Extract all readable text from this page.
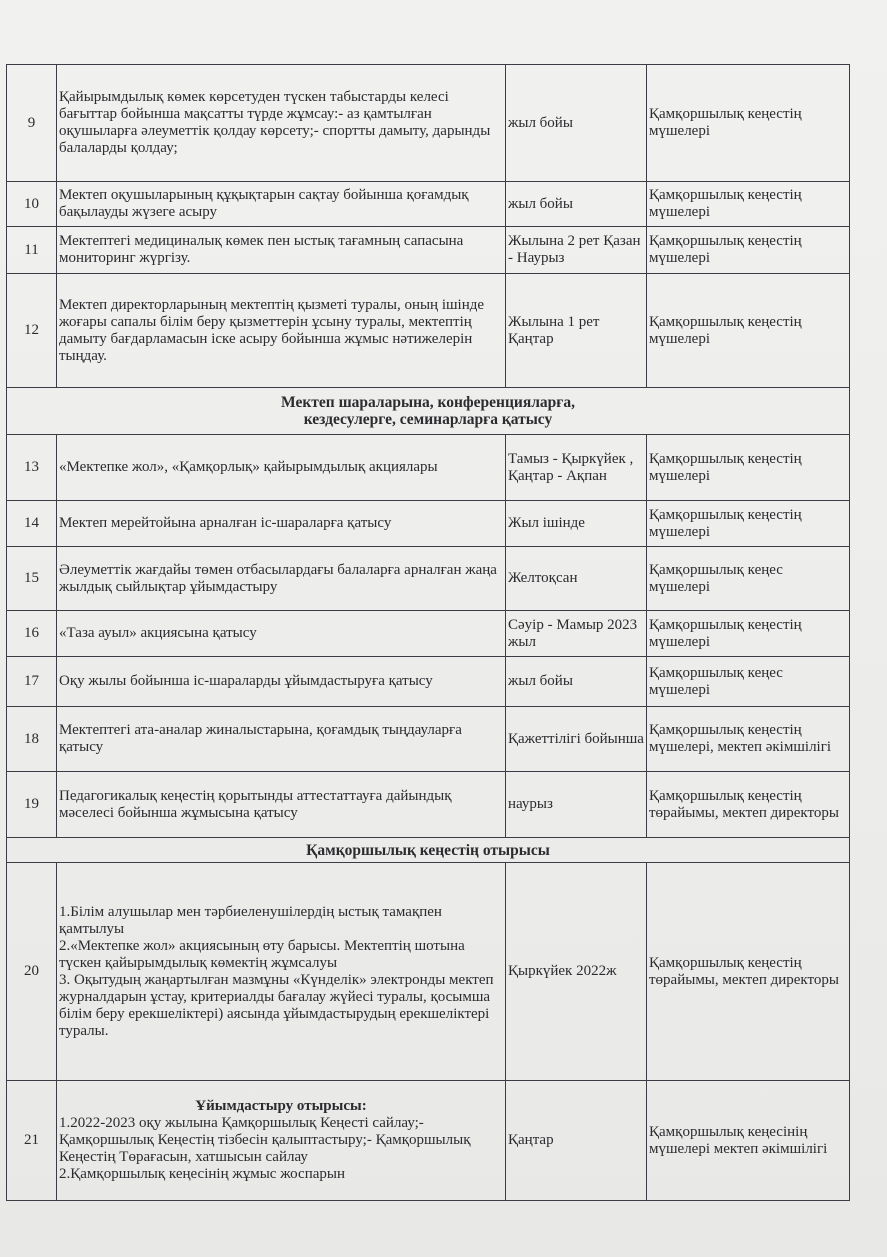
9	Қайырымдылық көмек көрсетуден түскен табыстарды келесі бағыттар бойынша мақсатты түрде жұмсау:- аз қамтылған оқушыларға әлеуметтік қолдау көрсету;- спортты дамыту, дарынды балаларды қолдау;	жыл бойы	Қамқоршылық кеңестің мүшелері
10	Мектеп оқушыларының құқықтарын сақтау бойынша қоғамдық бақылауды жүзеге асыру	жыл бойы	Қамқоршылық кеңестің мүшелері
11	Мектептегі медициналық көмек пен ыстық тағамның сапасына мониторинг жүргізу.	Жылына 2 рет Қазан - Наурыз	Қамқоршылық кеңестің мүшелері
12	Мектеп директорларының мектептің қызметі туралы, оның ішінде жоғары сапалы білім беру қызметтерін ұсыну туралы, мектептің дамыту бағдарламасын іске асыру бойынша жұмыс нәтижелерін тыңдау.	Жылына 1 рет Қаңтар	Қамқоршылық кеңестің мүшелері

Мектеп шараларына, конференцияларға,
кездесулерге, семинарларға қатысу			

13	«Мектепке жол», «Қамқорлық» қайырымдылық акциялары	Тамыз - Қыркүйек , Қаңтар - Ақпан	Қамқоршылық кеңестің мүшелері
14	Мектеп мерейтойына арналған іс-шараларға қатысу	Жыл ішінде	Қамқоршылық кеңестің мүшелері
15	Әлеуметтік жағдайы төмен отбасылардағы балаларға арналған жаңа жылдық сыйлықтар ұйымдастыру	Желтоқсан	Қамқоршылық кеңес мүшелері
16	«Таза ауыл» акциясына қатысу	Сәуір - Мамыр 2023 жыл	Қамқоршылық кеңестің мүшелері
17	Оқу жылы бойынша іс-шараларды ұйымдастыруға қатысу	жыл бойы	Қамқоршылық кеңес мүшелері
18	Мектептегі ата-аналар жиналыстарына, қоғамдық тыңдауларға қатысу	Қажеттілігі бойынша	Қамқоршылық кеңестің мүшелері, мектеп әкімшілігі
19	Педагогикалық кеңестің қорытынды аттестаттауға дайындық мәселесі бойынша жұмысына қатысу	наурыз	Қамқоршылық кеңестің төрайымы, мектеп директоры
Қамқоршылық кеңестің отырысы			
20	1.Білім алушылар мен тәрбиеленушілердің ыстық тамақпен қамтылуы
2.«Мектепке жол» акциясының өту барысы. Мектептің шотына түскен қайырымдылық көмектің жұмсалуы
3. Оқытудың жаңартылған мазмұны «Күнделік» электронды мектеп журналдарын ұстау, критериалды бағалау жүйесі туралы, қосымша білім беру ерекшеліктері) аясында ұйымдастырудың ерекшеліктері туралы.	Қыркүйек 2022ж	Қамқоршылық кеңестің төрайымы, мектеп директоры
21	Ұйымдастыру отырысы:
1.2022-2023 оқу жылына Қамқоршылық Кеңесті сайлау;- Қамқоршылық Кеңестің тізбесін қалыптастыру;- Қамқоршылық Кеңестің Төрағасын, хатшысын сайлау
2.Қамқоршылық кеңесінің жұмыс жоспарын	Қаңтар	Қамқоршылық кеңесінің мүшелері мектеп әкімшілігі
